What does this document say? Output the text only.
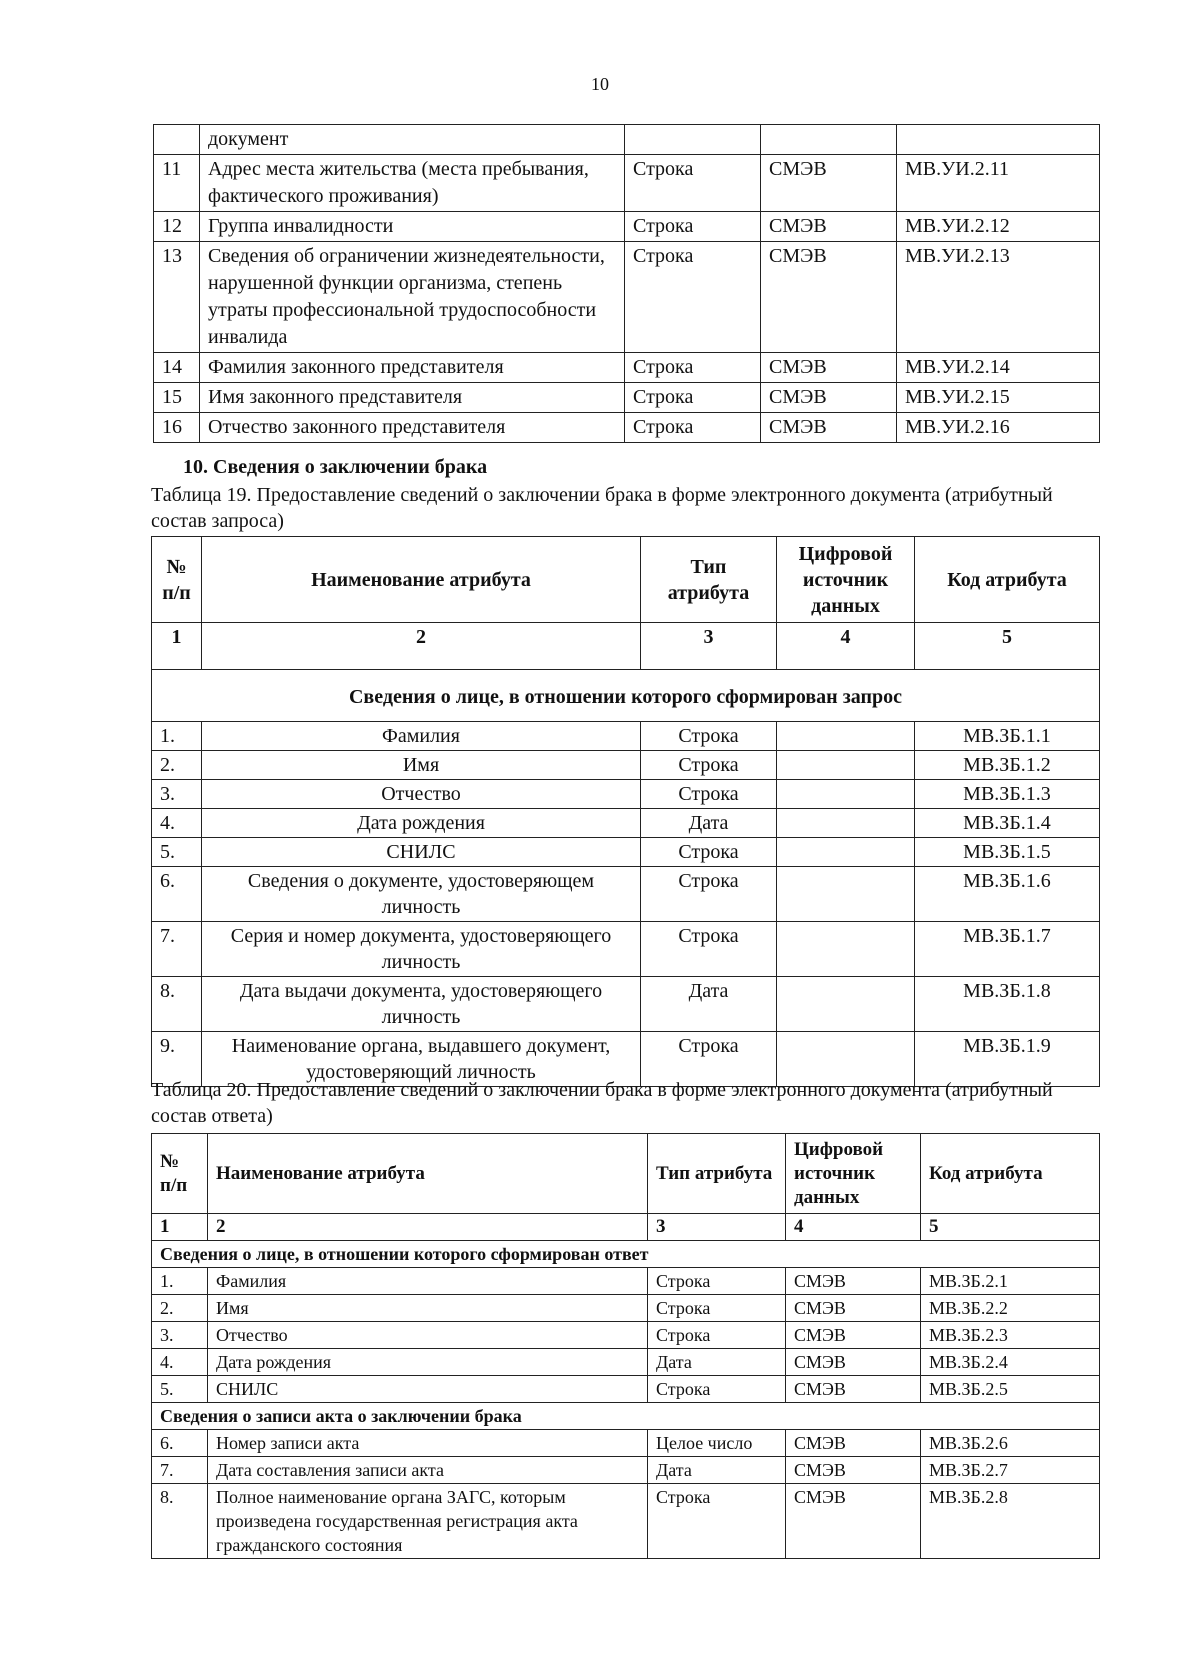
10
	документ			
11	Адрес места жительства (места пребывания, фактического проживания)	Строка	СМЭВ	МВ.УИ.2.11
12	Группа инвалидности	Строка	СМЭВ	МВ.УИ.2.12
13	Сведения об ограничении жизнедеятельности, нарушенной функции организма, степень утраты профессиональной трудоспособности инвалида	Строка	СМЭВ	МВ.УИ.2.13
14	Фамилия законного представителя	Строка	СМЭВ	МВ.УИ.2.14
15	Имя законного представителя	Строка	СМЭВ	МВ.УИ.2.15
16	Отчество законного представителя	Строка	СМЭВ	МВ.УИ.2.16
10. Сведения о заключении брака
Таблица 19. Предоставление сведений о заключении брака в форме электронного документа (атрибутный состав запроса)
№ п/п	Наименование атрибута	Тип атрибута	Цифровой источник данных	Код атрибута
1	2	3	4	5
Сведения о лице, в отношении которого сформирован запрос				
1.	Фамилия	Строка		МВ.ЗБ.1.1
2.	Имя	Строка		МВ.ЗБ.1.2
3.	Отчество	Строка		МВ.ЗБ.1.3
4.	Дата рождения	Дата		МВ.ЗБ.1.4
5.	СНИЛС	Строка		МВ.ЗБ.1.5
6.	Сведения о документе, удостоверяющем личность	Строка		МВ.ЗБ.1.6
7.	Серия и номер документа, удостоверяющего личность	Строка		МВ.ЗБ.1.7
8.	Дата выдачи документа, удостоверяющего личность	Дата		МВ.ЗБ.1.8
9.	Наименование органа, выдавшего документ, удостоверяющий личность	Строка		МВ.ЗБ.1.9
Таблица 20. Предоставление сведений о заключении брака в форме электронного документа (атрибутный состав ответа)
№ п/п	Наименование атрибута	Тип атрибута	Цифровой источник данных	Код атрибута
1	2	3	4	5
Сведения о лице, в отношении которого сформирован ответ				
1.	Фамилия	Строка	СМЭВ	МВ.ЗБ.2.1
2.	Имя	Строка	СМЭВ	МВ.ЗБ.2.2
3.	Отчество	Строка	СМЭВ	МВ.ЗБ.2.3
4.	Дата рождения	Дата	СМЭВ	МВ.ЗБ.2.4
5.	СНИЛС	Строка	СМЭВ	МВ.ЗБ.2.5
Сведения о записи акта о заключении брака				
6.	Номер записи акта	Целое число	СМЭВ	МВ.ЗБ.2.6
7.	Дата составления записи акта	Дата	СМЭВ	МВ.ЗБ.2.7
8.	Полное наименование органа ЗАГС, которым произведена государственная регистрация акта гражданского состояния	Строка	СМЭВ	МВ.ЗБ.2.8
